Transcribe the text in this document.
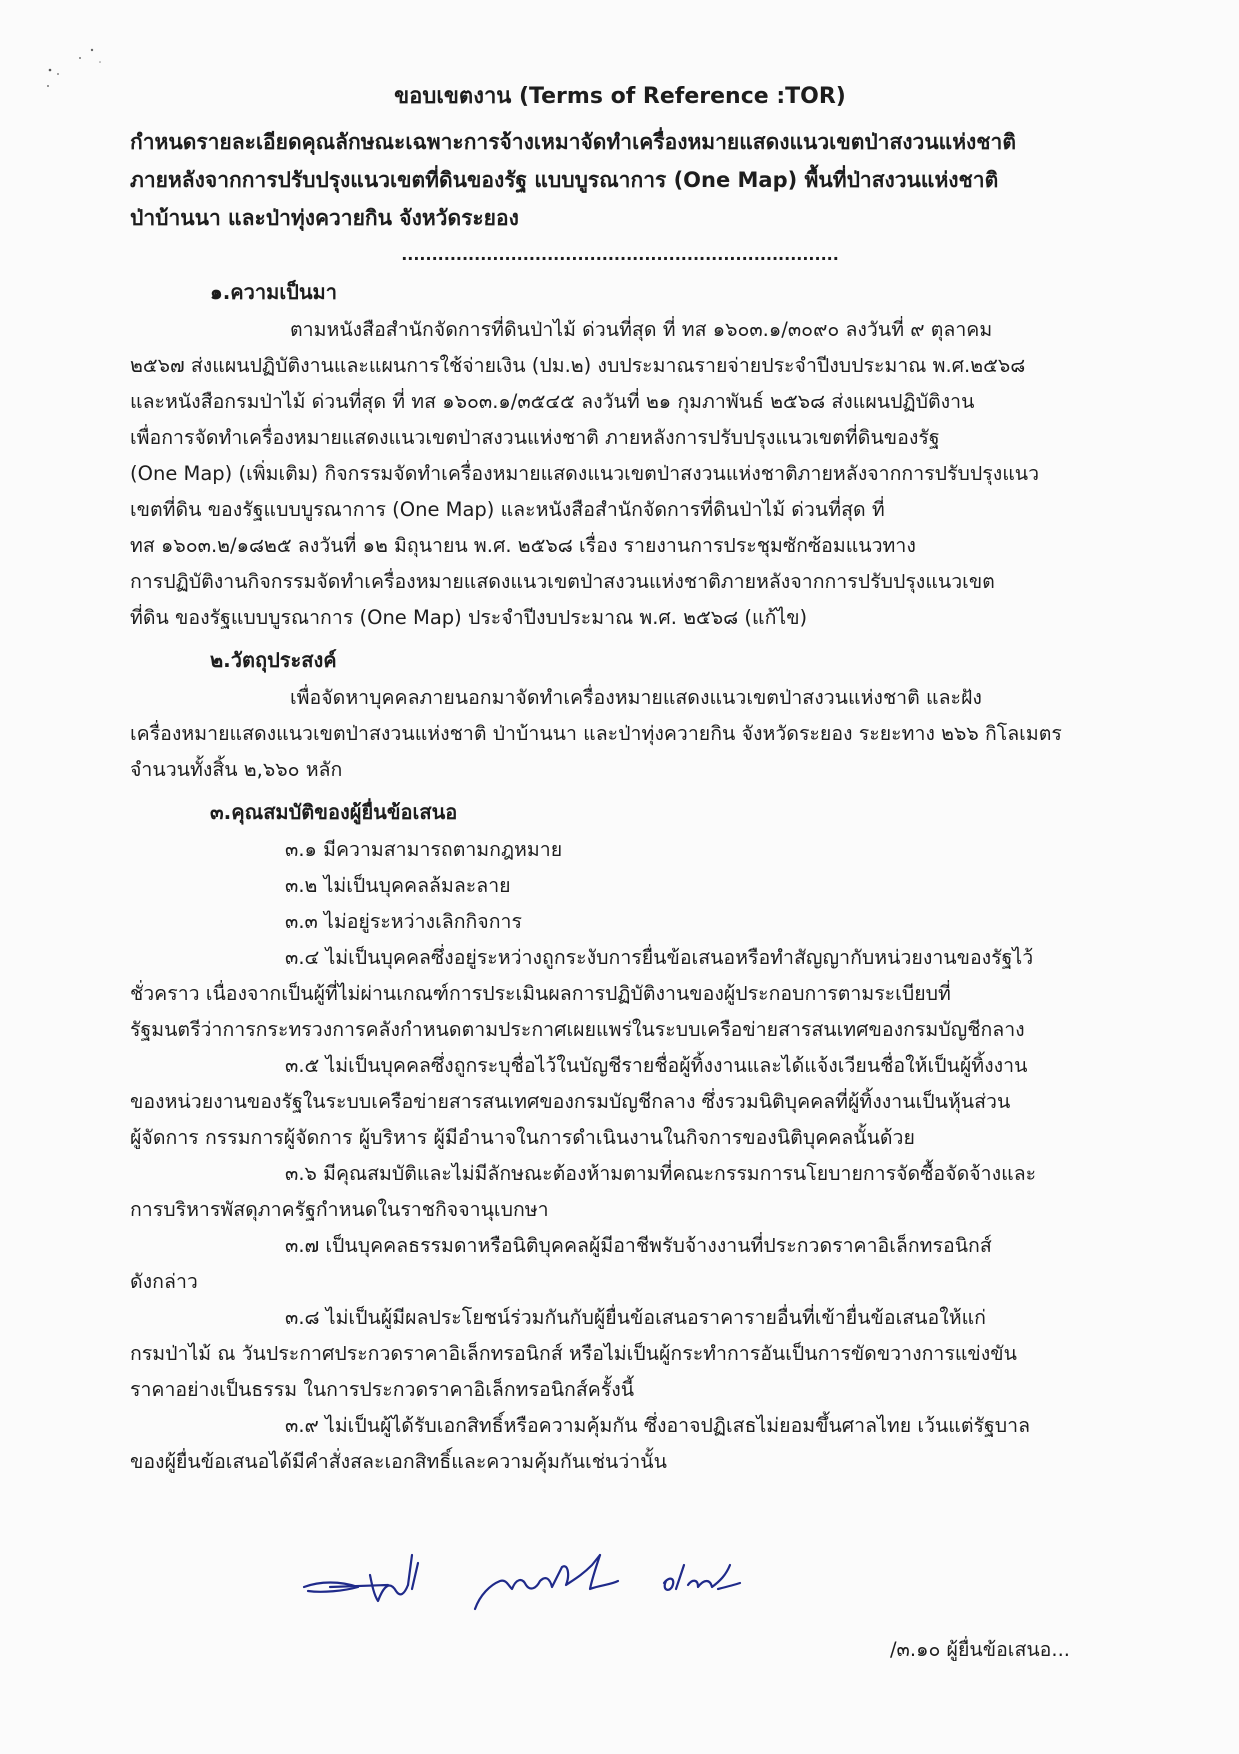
ขอบเขตงาน (Terms of Reference :TOR)

กำหนดรายละเอียดคุณลักษณะเฉพาะการจ้างเหมาจัดทำเครื่องหมายแสดงแนวเขตป่าสงวนแห่งชาติ

ภายหลังจากการปรับปรุงแนวเขตที่ดินของรัฐ แบบบูรณาการ (One Map) พื้นที่ป่าสงวนแห่งชาติ

ป่าบ้านนา และป่าทุ่งควายกิน จังหวัดระยอง

........................................................................
๑.ความเป็นมา
ตามหนังสือสำนักจัดการที่ดินป่าไม้ ด่วนที่สุด ที่ ทส ๑๖๐๓.๑/๓๐๙๐ ลงวันที่ ๙ ตุลาคม
๒๕๖๗ ส่งแผนปฏิบัติงานและแผนการใช้จ่ายเงิน (ปม.๒) งบประมาณรายจ่ายประจำปีงบประมาณ พ.ศ.๒๕๖๘
และหนังสือกรมป่าไม้ ด่วนที่สุด ที่ ทส ๑๖๐๓.๑/๓๕๔๕ ลงวันที่ ๒๑ กุมภาพันธ์ ๒๕๖๘ ส่งแผนปฏิบัติงาน
เพื่อการจัดทำเครื่องหมายแสดงแนวเขตป่าสงวนแห่งชาติ ภายหลังการปรับปรุงแนวเขตที่ดินของรัฐ
(One Map) (เพิ่มเติม) กิจกรรมจัดทำเครื่องหมายแสดงแนวเขตป่าสงวนแห่งชาติภายหลังจากการปรับปรุงแนว
เขตที่ดิน ของรัฐแบบบูรณาการ (One Map) และหนังสือสำนักจัดการที่ดินป่าไม้ ด่วนที่สุด ที่
ทส ๑๖๐๓.๒/๑๘๒๕ ลงวันที่ ๑๒ มิถุนายน พ.ศ. ๒๕๖๘ เรื่อง รายงานการประชุมซักซ้อมแนวทาง
การปฏิบัติงานกิจกรรมจัดทำเครื่องหมายแสดงแนวเขตป่าสงวนแห่งชาติภายหลังจากการปรับปรุงแนวเขต
ที่ดิน ของรัฐแบบบูรณาการ (One Map) ประจำปีงบประมาณ พ.ศ. ๒๕๖๘ (แก้ไข)
๒.วัตถุประสงค์
เพื่อจัดหาบุคคลภายนอกมาจัดทำเครื่องหมายแสดงแนวเขตป่าสงวนแห่งชาติ และฝัง
เครื่องหมายแสดงแนวเขตป่าสงวนแห่งชาติ ป่าบ้านนา และป่าทุ่งควายกิน จังหวัดระยอง ระยะทาง ๒๖๖ กิโลเมตร
จำนวนทั้งสิ้น ๒,๖๖๐ หลัก
๓.คุณสมบัติของผู้ยื่นข้อเสนอ
๓.๑ มีความสามารถตามกฎหมาย
๓.๒ ไม่เป็นบุคคลล้มละลาย
๓.๓ ไม่อยู่ระหว่างเลิกกิจการ
๓.๔ ไม่เป็นบุคคลซึ่งอยู่ระหว่างถูกระงับการยื่นข้อเสนอหรือทำสัญญากับหน่วยงานของรัฐไว้
ชั่วคราว เนื่องจากเป็นผู้ที่ไม่ผ่านเกณฑ์การประเมินผลการปฏิบัติงานของผู้ประกอบการตามระเบียบที่
รัฐมนตรีว่าการกระทรวงการคลังกำหนดตามประกาศเผยแพร่ในระบบเครือข่ายสารสนเทศของกรมบัญชีกลาง
๓.๕ ไม่เป็นบุคคลซึ่งถูกระบุชื่อไว้ในบัญชีรายชื่อผู้ทิ้งงานและได้แจ้งเวียนชื่อให้เป็นผู้ทิ้งงาน
ของหน่วยงานของรัฐในระบบเครือข่ายสารสนเทศของกรมบัญชีกลาง ซึ่งรวมนิติบุคคลที่ผู้ทิ้งงานเป็นหุ้นส่วน
ผู้จัดการ กรรมการผู้จัดการ ผู้บริหาร ผู้มีอำนาจในการดำเนินงานในกิจการของนิติบุคคลนั้นด้วย
๓.๖ มีคุณสมบัติและไม่มีลักษณะต้องห้ามตามที่คณะกรรมการนโยบายการจัดซื้อจัดจ้างและ
การบริหารพัสดุภาครัฐกำหนดในราชกิจจานุเบกษา
๓.๗ เป็นบุคคลธรรมดาหรือนิติบุคคลผู้มีอาชีพรับจ้างงานที่ประกวดราคาอิเล็กทรอนิกส์
ดังกล่าว
๓.๘ ไม่เป็นผู้มีผลประโยชน์ร่วมกันกับผู้ยื่นข้อเสนอราคารายอื่นที่เข้ายื่นข้อเสนอให้แก่
กรมป่าไม้ ณ วันประกาศประกวดราคาอิเล็กทรอนิกส์ หรือไม่เป็นผู้กระทำการอันเป็นการขัดขวางการแข่งขัน
ราคาอย่างเป็นธรรม ในการประกวดราคาอิเล็กทรอนิกส์ครั้งนี้
๓.๙ ไม่เป็นผู้ได้รับเอกสิทธิ์หรือความคุ้มกัน ซึ่งอาจปฏิเสธไม่ยอมขึ้นศาลไทย เว้นแต่รัฐบาล
ของผู้ยื่นข้อเสนอได้มีคำสั่งสละเอกสิทธิ์และความคุ้มกันเช่นว่านั้น
/๓.๑๐ ผู้ยื่นข้อเสนอ...
